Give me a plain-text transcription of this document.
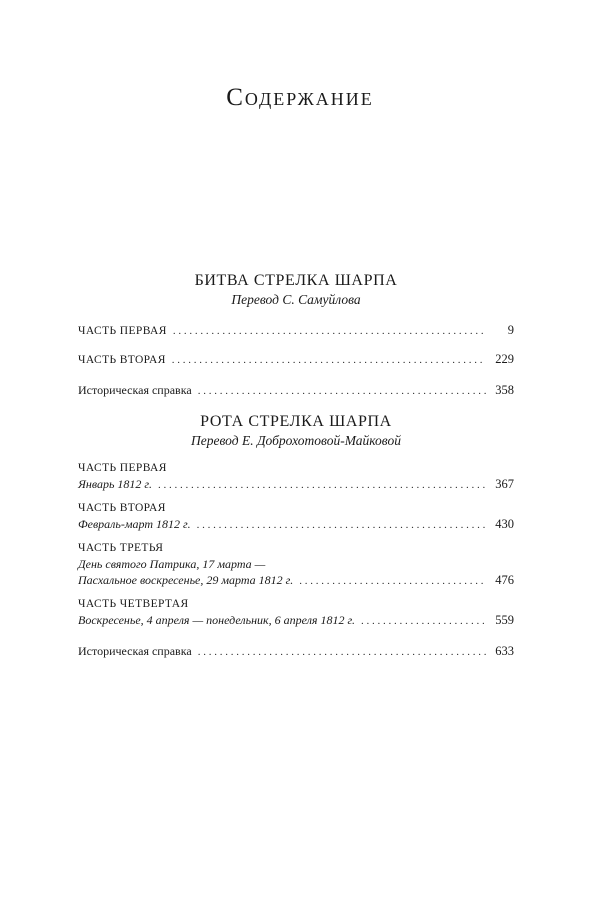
Содержание
БИТВА СТРЕЛКА ШАРПА

Перевод С. Самуйлова

ЧАСТЬ ПЕРВАЯ . . .	9
ЧАСТЬ ВТОРАЯ . . .	229
Историческая справка . . .	358
РОТА СТРЕЛКА ШАРПА

Перевод Е. Доброхотовой-Майковой

ЧАСТЬ ПЕРВАЯ
Январь 1812 г. . . .	367
ЧАСТЬ ВТОРАЯ
Февраль-март 1812 г. . . .	430
ЧАСТЬ ТРЕТЬЯ
День святого Патрика, 17 марта —
Пасхальное воскресенье, 29 марта 1812 г. . . .	476
ЧАСТЬ ЧЕТВЕРТАЯ
Воскресенье, 4 апреля — понедельник, 6 апреля 1812 г. . . .	559
Историческая справка . . .	633
